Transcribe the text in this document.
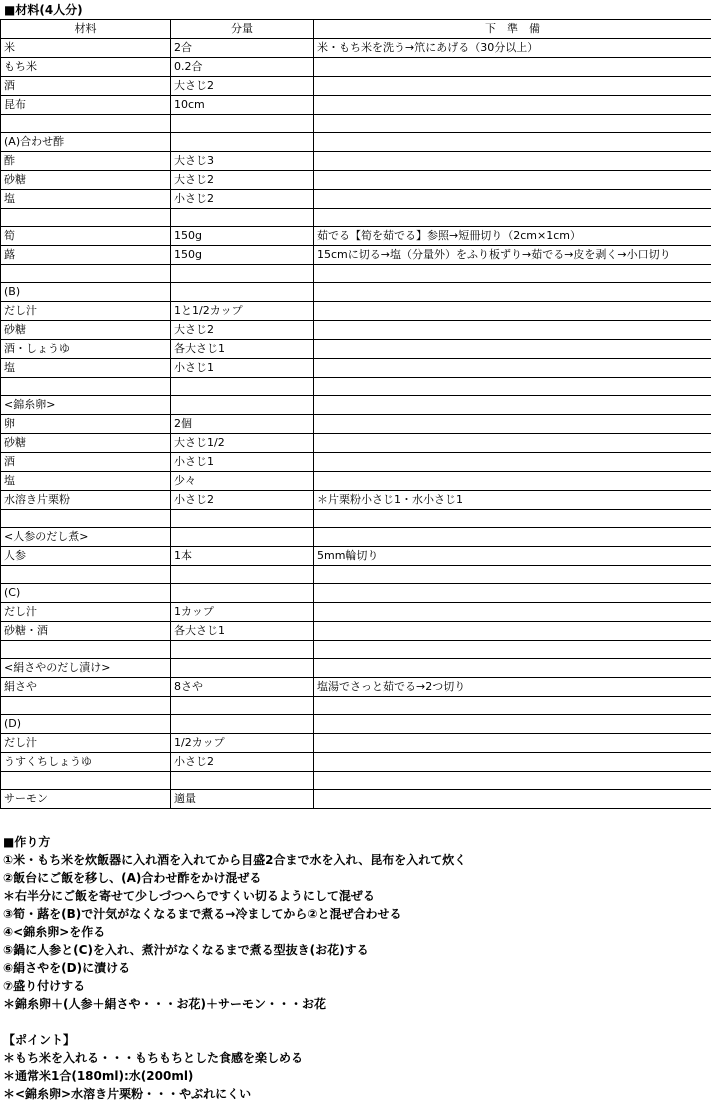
■材料(4人分)
材料	分量	下　準　備
米	2合	米・もち米を洗う→笊にあげる（30分以上）
もち米	0.2合	
酒	大さじ2	
昆布	10cm	

(A)合わせ酢		
酢	大さじ3	
砂糖	大さじ2	
塩	小さじ2	

筍	150g	茹でる【筍を茹でる】参照→短冊切り（2cm×1cm）
蕗	150g	15cmに切る→塩（分量外）をふり板ずり→茹でる→皮を剥く→小口切り

(B)		
だし汁	1と1/2カップ	
砂糖	大さじ2	
酒・しょうゆ	各大さじ1	
塩	小さじ1	

<錦糸卵>		
卵	2個	
砂糖	大さじ1/2	
酒	小さじ1	
塩	少々	
水溶き片栗粉	小さじ2	＊片栗粉小さじ1・水小さじ1

<人参のだし煮>		
人参	1本	5mm輪切り

(C)		
だし汁	1カップ	
砂糖・酒	各大さじ1	

<絹さやのだし漬け>		
絹さや	8さや	塩湯でさっと茹でる→2つ切り

(D)		
だし汁	1/2カップ	
うすくちしょうゆ	小さじ2	

サーモン	適量	
■作り方
①米・もち米を炊飯器に入れ酒を入れてから目盛2合まで水を入れ、昆布を入れて炊く
②飯台にご飯を移し、(A)合わせ酢をかけ混ぜる
＊右半分にご飯を寄せて少しづつへらですくい切るようにして混ぜる
③筍・蕗を(B)で汁気がなくなるまで煮る→冷ましてから②と混ぜ合わせる
④<錦糸卵>を作る
⑤鍋に人参と(C)を入れ、煮汁がなくなるまで煮る型抜き(お花)する
⑥絹さやを(D)に漬ける
⑦盛り付けする
＊錦糸卵＋(人参＋絹さや・・・お花)＋サーモン・・・お花
【ポイント】
＊もち米を入れる・・・もちもちとした食感を楽しめる
＊通常米1合(180ml):水(200ml)
＊<錦糸卵>水溶き片栗粉・・・やぶれにくい
